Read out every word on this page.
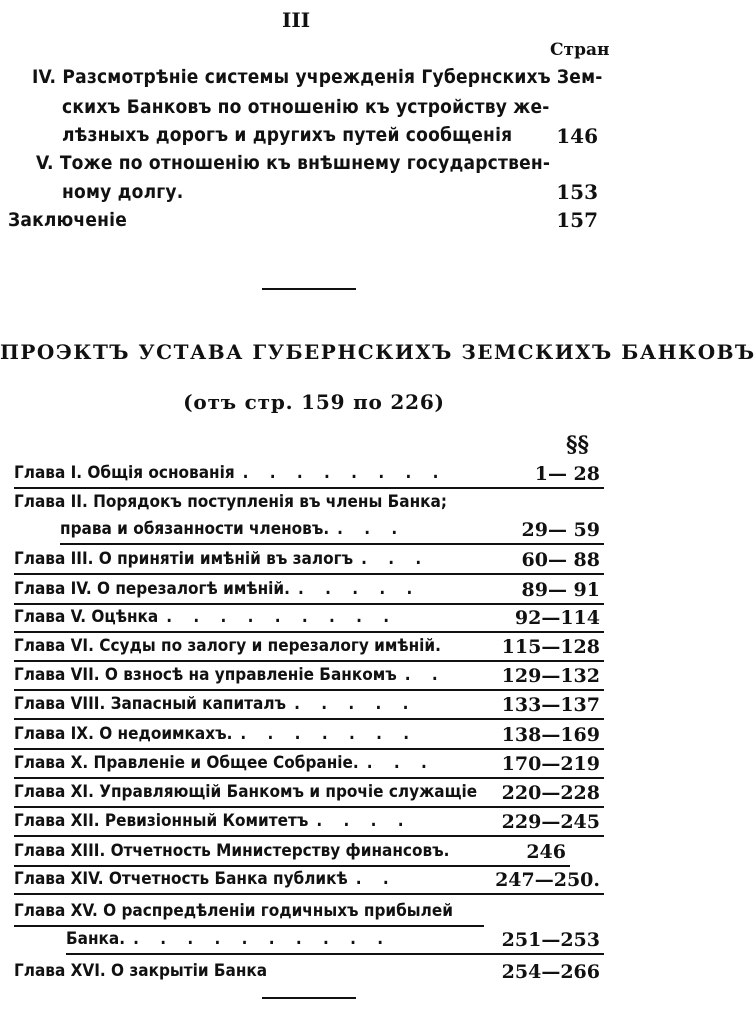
III
Стран
IV. Разсмотрѣніе системы учрежденія Губернскихъ Зем-
скихъ Банковъ по отношенію къ устройству же-
лѣзныхъ дорогъ и другихъ путей сообщенія	146
V. Тоже по отношенію къ внѣшнему государствен-
ному долгу.	153
Заключеніе	157
ПРОЭКТЪ УСТАВА ГУБЕРНСКИХЪ ЗЕМСКИХЪ БАНКОВЪ
(отъ стр. 159 по 226)
§§
Глава I. Общія основанія . . . . . . . .	1— 28
Глава II. Порядокъ поступленія въ члены Банка;
права и обязанности членовъ. . . .	29— 59
Глава III. О принятіи имѣній въ залогъ . . .	60— 88
Глава IV. О перезалогѣ имѣній. . . . . .	89— 91
Глава V. Оцѣнка . . . . . . . . .	92—114
Глава VI. Ссуды по залогу и перезалогу имѣній.	115—128
Глава VII. О взносѣ на управленіе Банкомъ . .	129—132
Глава VIII. Запасный капиталъ . . . . .	133—137
Глава IX. О недоимкахъ. . . . . . . .	138—169
Глава X. Правленіе и Общее Собраніе. . . .	170—219
Глава XI. Управляющій Банкомъ и прочіе служащіе	220—228
Глава XII. Ревизіонный Комитетъ . . . .	229—245
Глава XIII. Отчетность Министерству финансовъ.	246
Глава XIV. Отчетность Банка публикѣ . .	247—250.
Глава XV. О распредѣленіи годичныхъ прибылей
Банка. . . . . . . . . . .	251—253
Глава XVI. О закрытіи Банка	254—266
